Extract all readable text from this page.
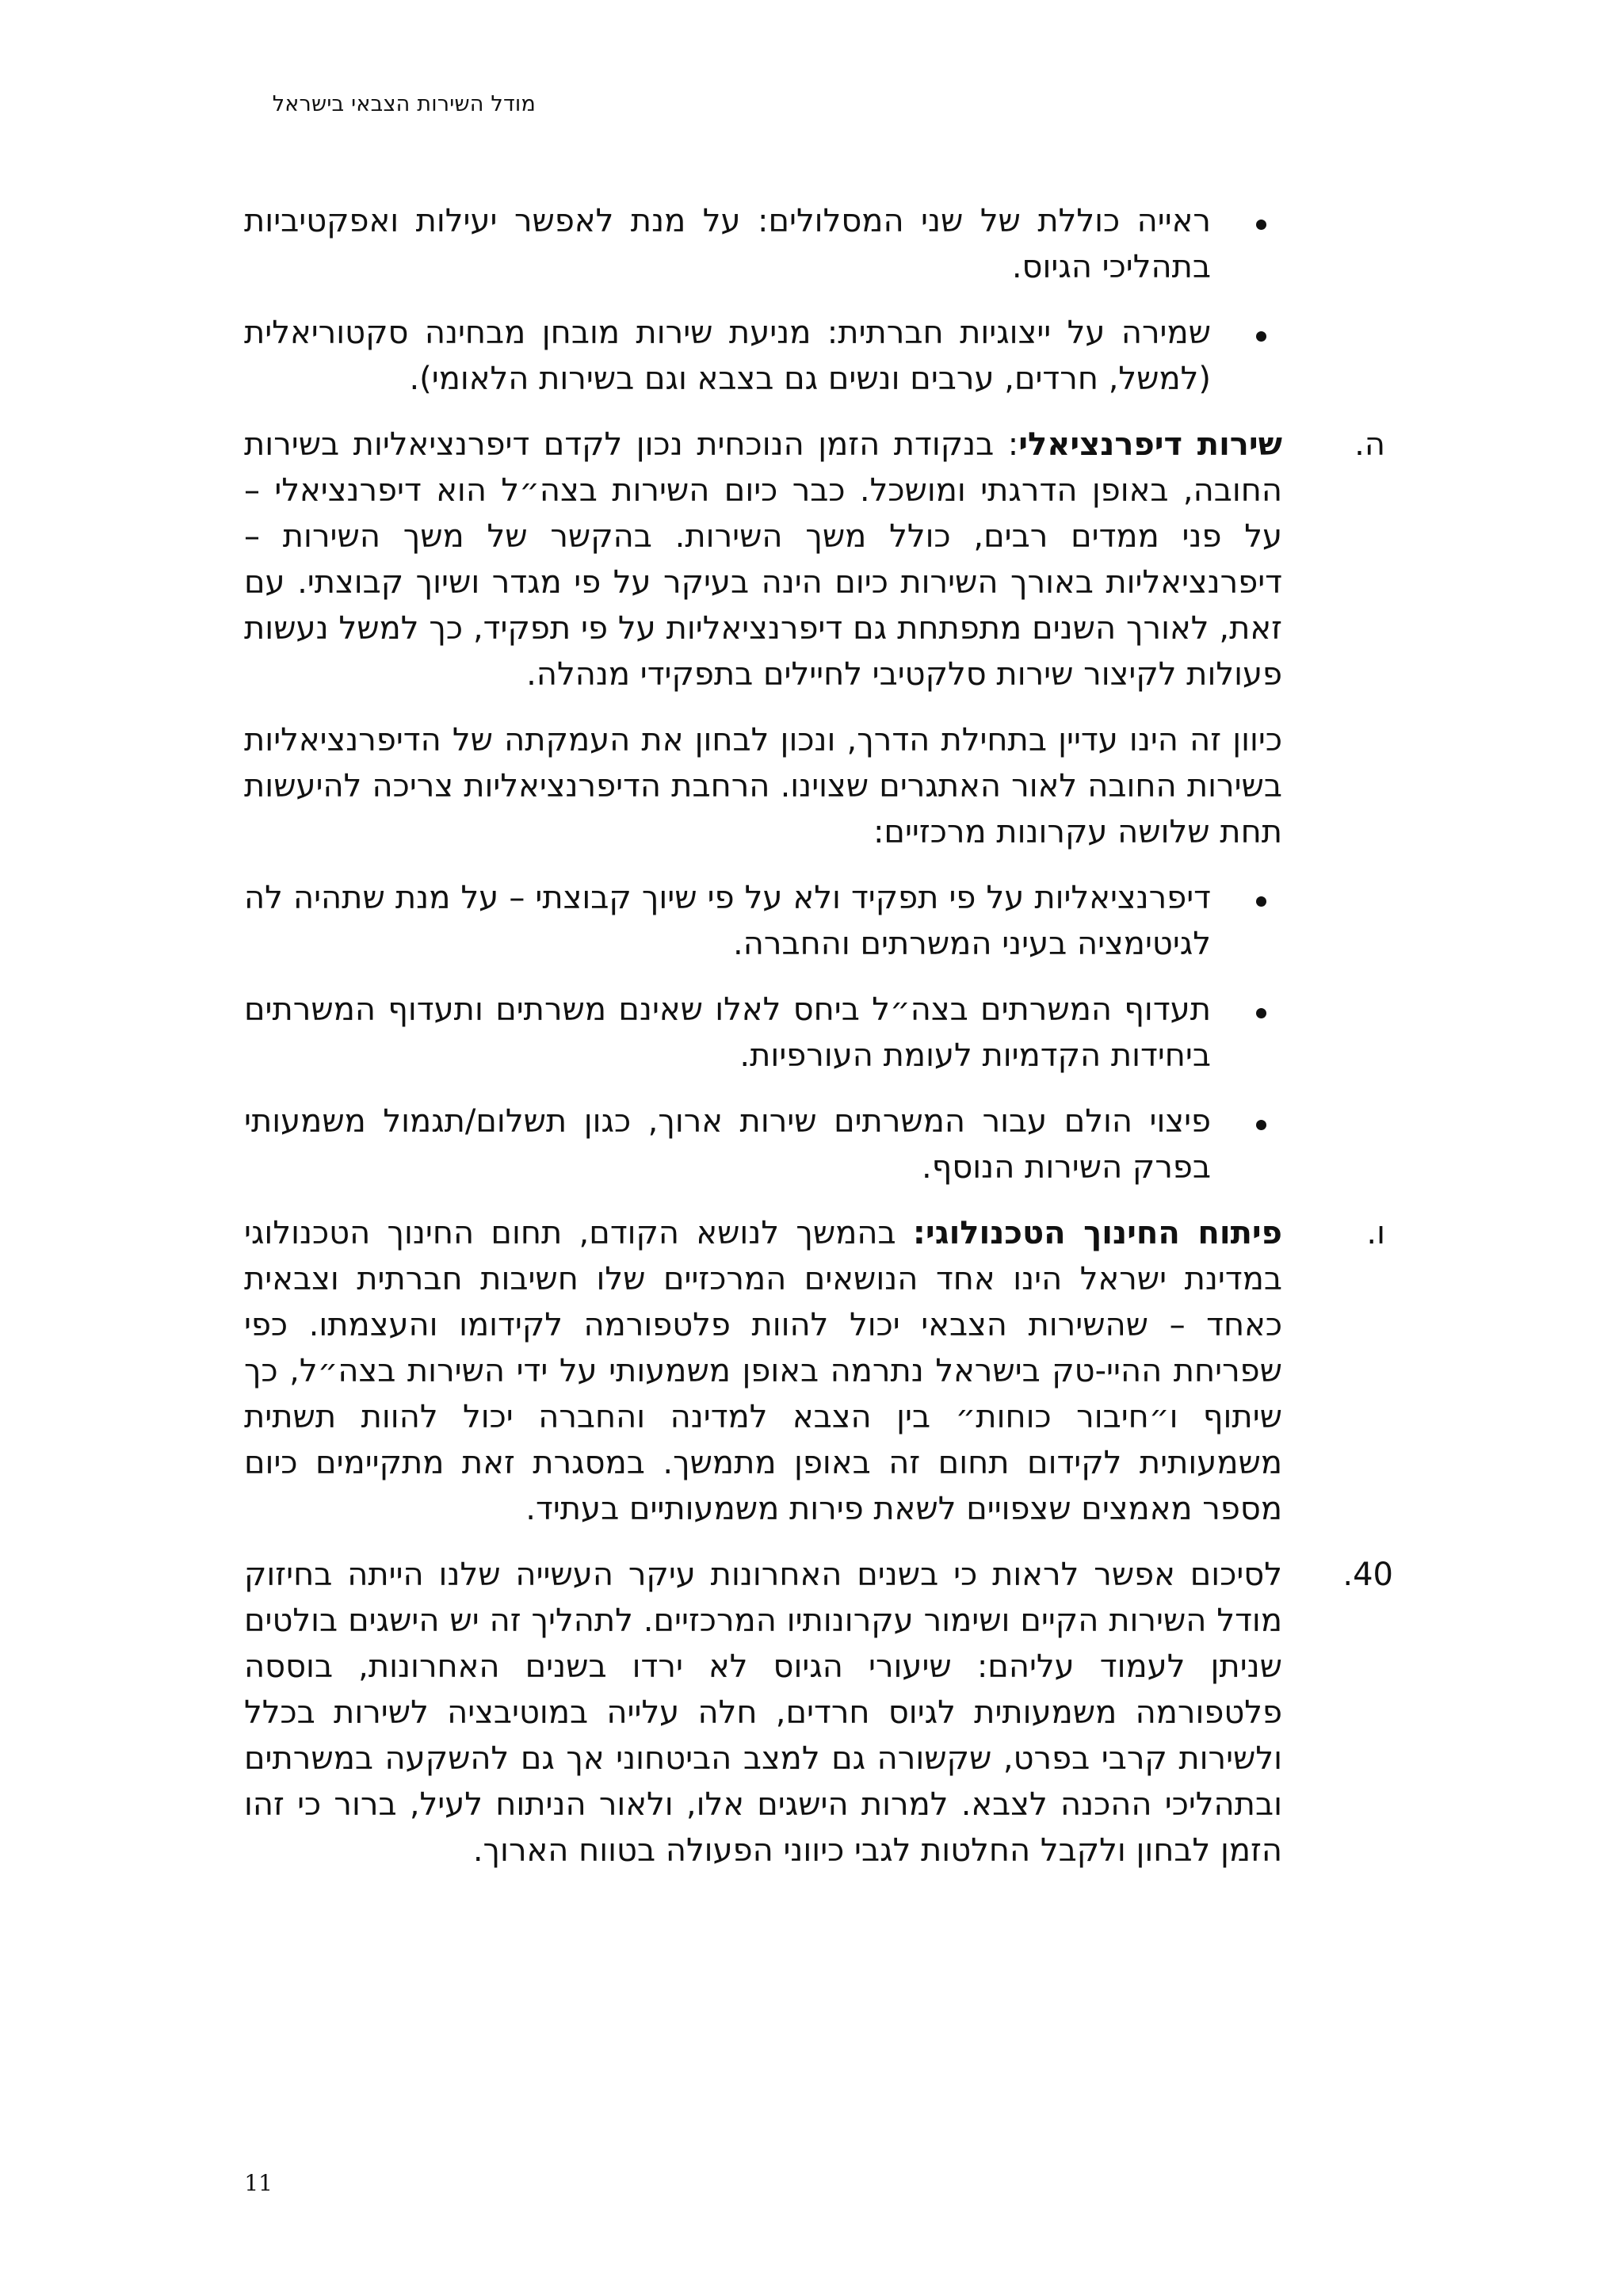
מודל השירות הצבאי בישראל

ראייה כוללת של שני המסלולים: על מנת לאפשר יעילות ואפקטיביות בתהליכי הגיוס.

שמירה על ייצוגיות חברתית: מניעת שירות מובחן מבחינה סקטוריאלית (למשל, חרדים, ערבים ונשים גם בצבא וגם בשירות הלאומי).

ה.

שירות דיפרנציאלי: בנקודת הזמן הנוכחית נכון לקדם דיפרנציאליות בשירות החובה, באופן הדרגתי ומושכל. כבר כיום השירות בצה״ל הוא דיפרנציאלי – על פני ממדים רבים, כולל משך השירות. בהקשר של משך השירות – דיפרנציאליות באורך השירות כיום הינה בעיקר על פי מגדר ושיוך קבוצתי. עם זאת, לאורך השנים מתפתחת גם דיפרנציאליות על פי תפקיד, כך למשל נעשות פעולות לקיצור שירות סלקטיבי לחיילים בתפקידי מנהלה.

כיוון זה הינו עדיין בתחילת הדרך, ונכון לבחון את העמקתה של הדיפרנציאליות בשירות החובה לאור האתגרים שצוינו. הרחבת הדיפרנציאליות צריכה להיעשות תחת שלושה עקרונות מרכזיים:

דיפרנציאליות על פי תפקיד ולא על פי שיוך קבוצתי – על מנת שתהיה לה לגיטימציה בעיני המשרתים והחברה.

תעדוף המשרתים בצה״ל ביחס לאלו שאינם משרתים ותעדוף המשרתים ביחידות הקדמיות לעומת העורפיות.

פיצוי הולם עבור המשרתים שירות ארוך, כגון תשלום/תגמול משמעותי בפרק השירות הנוסף.

ו.

פיתוח החינוך הטכנולוגי: בהמשך לנושא הקודם, תחום החינוך הטכנולוגי במדינת ישראל הינו אחד הנושאים המרכזיים שלו חשיבות חברתית וצבאית כאחד – שהשירות הצבאי יכול להוות פלטפורמה לקידומו והעצמתו. כפי שפריחת ההיי-טק בישראל נתרמה באופן משמעותי על ידי השירות בצה״ל, כך שיתוף ו״חיבור כוחות״ בין הצבא למדינה והחברה יכול להוות תשתית משמעותית לקידום תחום זה באופן מתמשך. במסגרת זאת מתקיימים כיום מספר מאמצים שצפויים לשאת פירות משמעותיים בעתיד.

40.

לסיכום אפשר לראות כי בשנים האחרונות עיקר העשייה שלנו הייתה בחיזוק מודל השירות הקיים ושימור עקרונותיו המרכזיים. לתהליך זה יש הישגים בולטים שניתן לעמוד עליהם: שיעורי הגיוס לא ירדו בשנים האחרונות, בוססה פלטפורמה משמעותית לגיוס חרדים, חלה עלייה במוטיבציה לשירות בכלל ולשירות קרבי בפרט, שקשורה גם למצב הביטחוני אך גם להשקעה במשרתים ובתהליכי ההכנה לצבא. למרות הישגים אלו, ולאור הניתוח לעיל, ברור כי זהו הזמן לבחון ולקבל החלטות לגבי כיווני הפעולה בטווח הארוך.

11
